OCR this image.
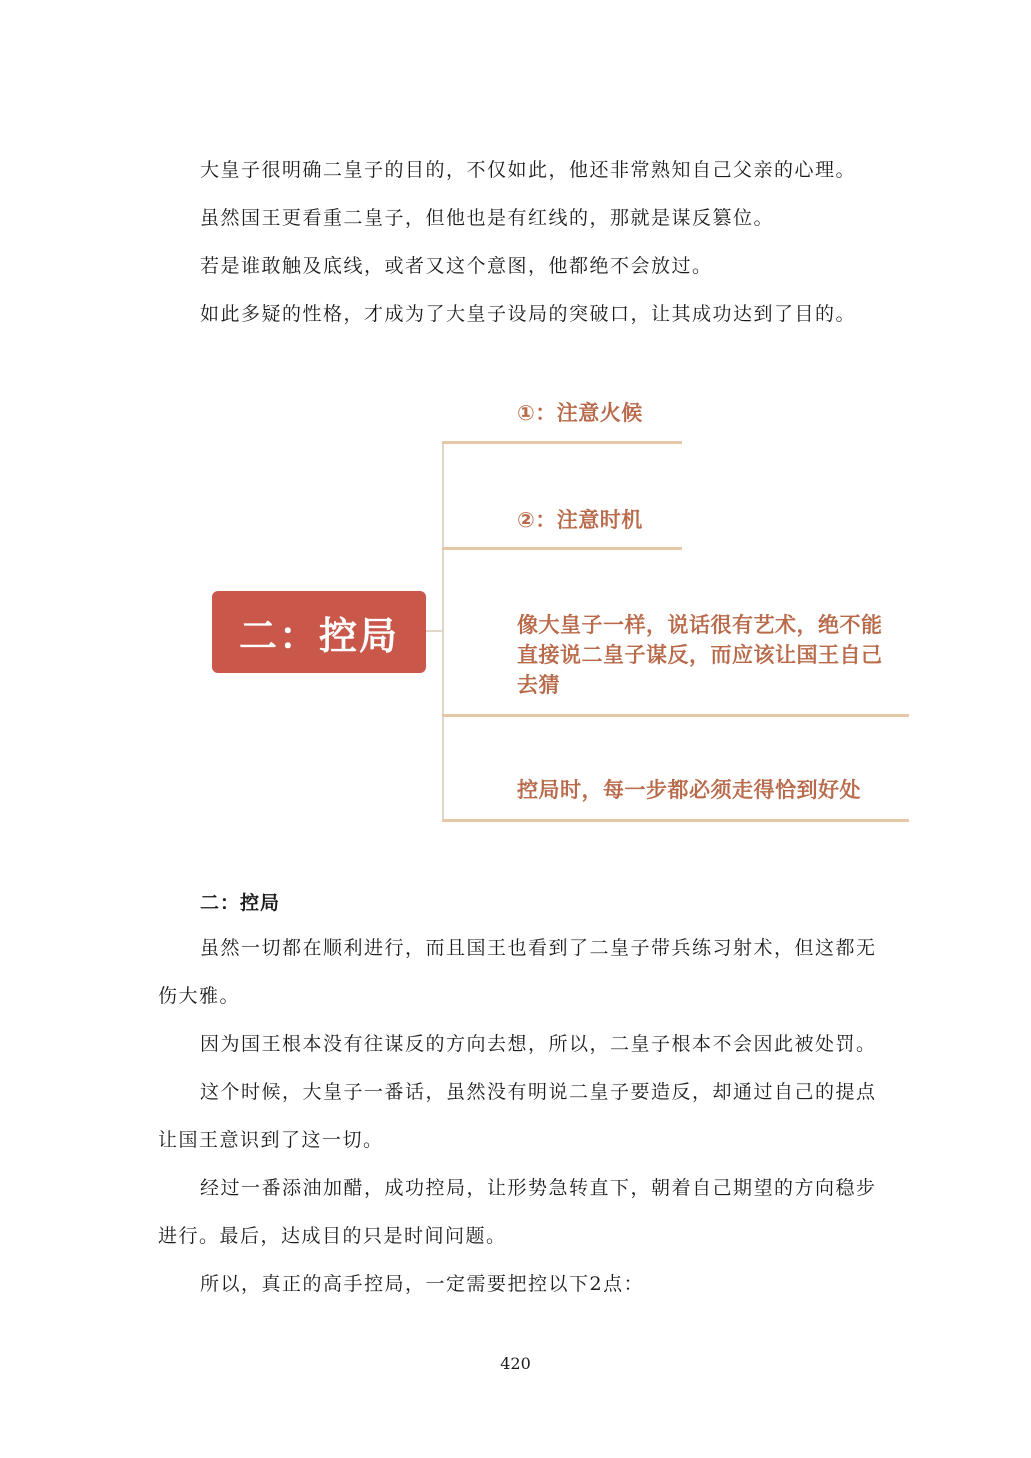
大皇子很明确二皇子的目的，不仅如此，他还非常熟知自己父亲的心理。
虽然国王更看重二皇子，但他也是有红线的，那就是谋反篡位。
若是谁敢触及底线，或者又这个意图，他都绝不会放过。
如此多疑的性格，才成为了大皇子设局的突破口，让其成功达到了目的。
二：控局
①：注意火候
②：注意时机
像大皇子一样，说话很有艺术，绝不能直接说二皇子谋反，而应该让国王自己去猜
控局时，每一步都必须走得恰到好处
二：控局
虽然一切都在顺利进行，而且国王也看到了二皇子带兵练习射术，但这都无
伤大雅。
因为国王根本没有往谋反的方向去想，所以，二皇子根本不会因此被处罚。
这个时候，大皇子一番话，虽然没有明说二皇子要造反，却通过自己的提点
让国王意识到了这一切。
经过一番添油加醋，成功控局，让形势急转直下，朝着自己期望的方向稳步
进行。最后，达成目的只是时间问题。
所以，真正的高手控局，一定需要把控以下2点：
420
